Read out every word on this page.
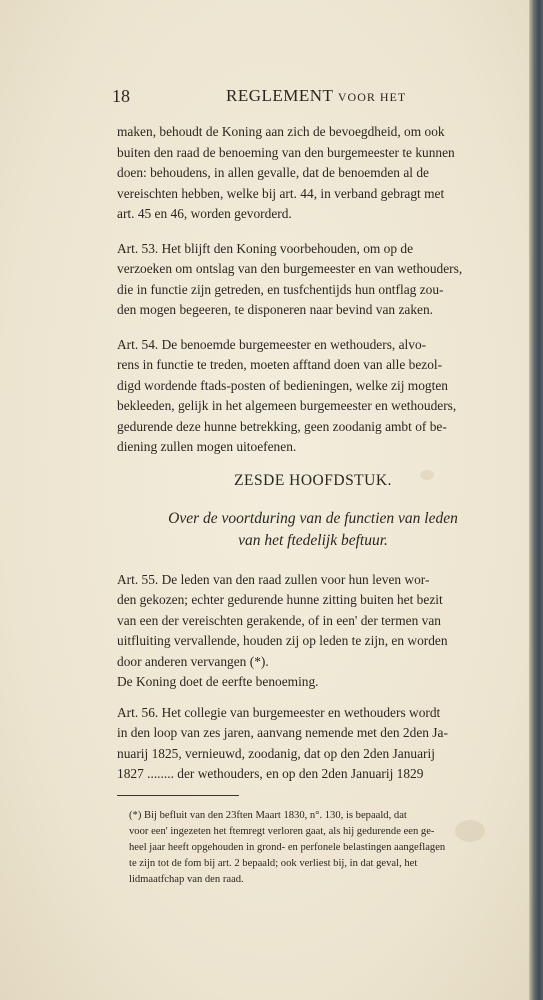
18	REGLEMENT VOOR HET

maken, behoudt de Koning aan zich de bevoegdheid, om ook
buiten den raad de benoeming van den burgemeester te kunnen
doen: behoudens, in allen gevalle, dat de benoemden al de
vereischten hebben, welke bij art. 44, in verband gebragt met
art. 45 en 46, worden gevorderd.

Art. 53. Het blijft den Koning voorbehouden, om op de
verzoeken om ontslag van den burgemeester en van wethouders,
die in functie zijn getreden, en tusfchentijds hun ontflag zou-
den mogen begeeren, te disponeren naar bevind van zaken.

Art. 54. De benoemde burgemeester en wethouders, alvo-
rens in functie te treden, moeten afftand doen van alle bezol-
digd wordende ftads-posten of bedieningen, welke zij mogten
bekleeden, gelijk in het algemeen burgemeester en wethouders,
gedurende deze hunne betrekking, geen zoodanig ambt of be-
diening zullen mogen uitoefenen.

ZESDE HOOFDSTUK.
Over de voortduring van de functien van leden
van het ftedelijk beftuur.

Art. 55. De leden van den raad zullen voor hun leven wor-
den gekozen; echter gedurende hunne zitting buiten het bezit
van een der vereischten gerakende, of in een' der termen van
uitfluiting vervallende, houden zij op leden te zijn, en worden
door anderen vervangen (*).

De Koning doet de eerfte benoeming.

Art. 56. Het collegie van burgemeester en wethouders wordt
in den loop van zes jaren, aanvang nemende met den 2den Ja-
nuarij 1825, vernieuwd, zoodanig, dat op den 2den Januarij
1827 ........ der wethouders, en op den 2den Januarij 1829

(*) Bij befluit van den 23ften Maart 1830, n°. 130, is bepaald, dat
voor een' ingezeten het ftemregt verloren gaat, als hij gedurende een ge-
heel jaar heeft opgehouden in grond- en perfonele belastingen aangeflagen
te zijn tot de fom bij art. 2 bepaald; ook verliest bij, in dat geval, het
lidmaatfchap van den raad.
